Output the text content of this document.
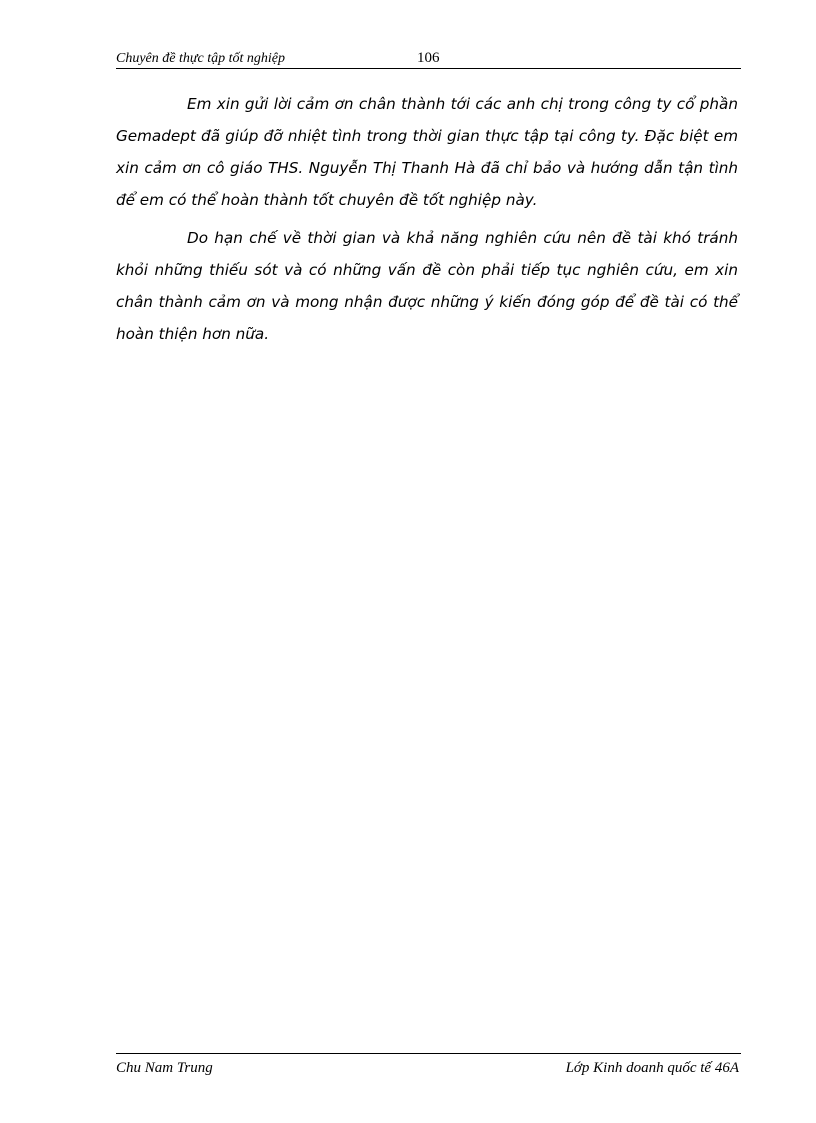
Chuyên đề thực tập tốt nghiệp	106

Em xin gửi lời cảm ơn chân thành tới các anh chị trong công ty cổ phần Gemadept đã giúp đỡ nhiệt tình trong thời gian thực tập tại công ty. Đặc biệt em xin cảm ơn cô giáo THS. Nguyễn Thị Thanh Hà đã chỉ bảo và hướng dẫn tận tình để em có thể hoàn thành tốt chuyên đề tốt nghiệp này.

Do hạn chế về thời gian và khả năng nghiên cứu nên đề tài khó tránh khỏi những thiếu sót và có những vấn đề còn phải tiếp tục nghiên cứu, em xin chân thành cảm ơn và mong nhận được những ý kiến đóng góp để đề tài có thể hoàn thiện hơn nữa.

Chu Nam Trung	Lớp Kinh doanh quốc tế 46A
